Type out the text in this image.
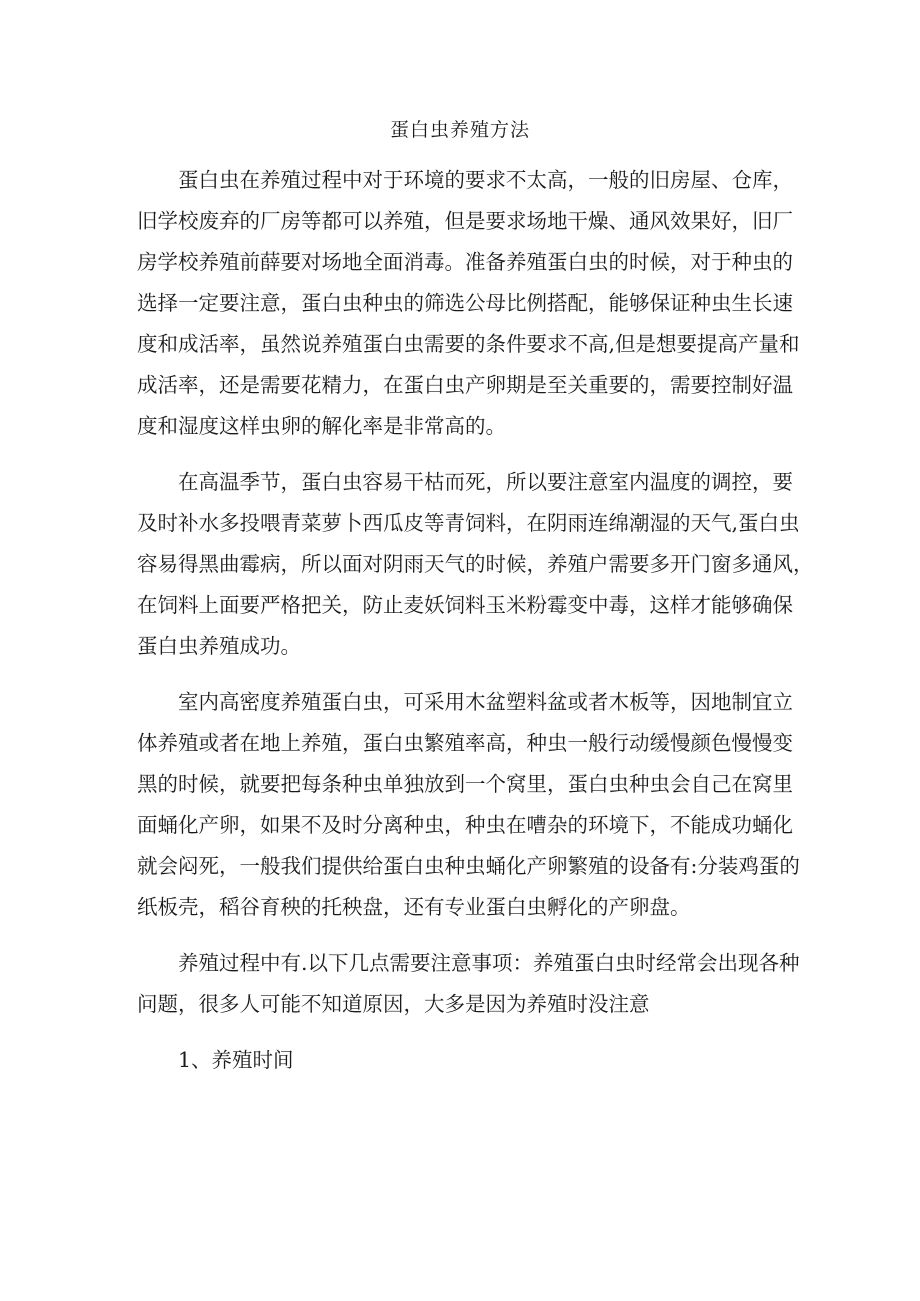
蛋白虫养殖方法

蛋白虫在养殖过程中对于环境的要求不太高，一般的旧房屋、仓库，
旧学校废弃的厂房等都可以养殖，但是要求场地干燥、通风效果好，旧厂
房学校养殖前薛要对场地全面消毒。准备养殖蛋白虫的时候，对于种虫的
选择一定要注意，蛋白虫种虫的筛选公母比例搭配，能够保证种虫生长速
度和成活率，虽然说养殖蛋白虫需要的条件要求不高,但是想要提高产量和
成活率，还是需要花精力，在蛋白虫产卵期是至关重要的，需要控制好温
度和湿度这样虫卵的解化率是非常高的。

在高温季节，蛋白虫容易干枯而死，所以要注意室内温度的调控，要
及时补水多投喂青菜萝卜西瓜皮等青饲料，在阴雨连绵潮湿的天气,蛋白虫
容易得黑曲霉病，所以面对阴雨天气的时候，养殖户需要多开门窗多通风，
在饲料上面要严格把关，防止麦妖饲料玉米粉霉变中毒，这样才能够确保
蛋白虫养殖成功。

室内高密度养殖蛋白虫，可采用木盆塑料盆或者木板等，因地制宜立
体养殖或者在地上养殖，蛋白虫繁殖率高，种虫一般行动缓慢颜色慢慢变
黑的时候，就要把每条种虫单独放到一个窝里，蛋白虫种虫会自己在窝里
面蛹化产卵，如果不及时分离种虫，种虫在嘈杂的环境下，不能成功蛹化
就会闷死，一般我们提供给蛋白虫种虫蛹化产卵繁殖的设备有:分装鸡蛋的
纸板壳，稻谷育秧的托秧盘，还有专业蛋白虫孵化的产卵盘。

养殖过程中有.以下几点需要注意事项：养殖蛋白虫时经常会出现各种
问题，很多人可能不知道原因，大多是因为养殖时没注意

1、养殖时间
